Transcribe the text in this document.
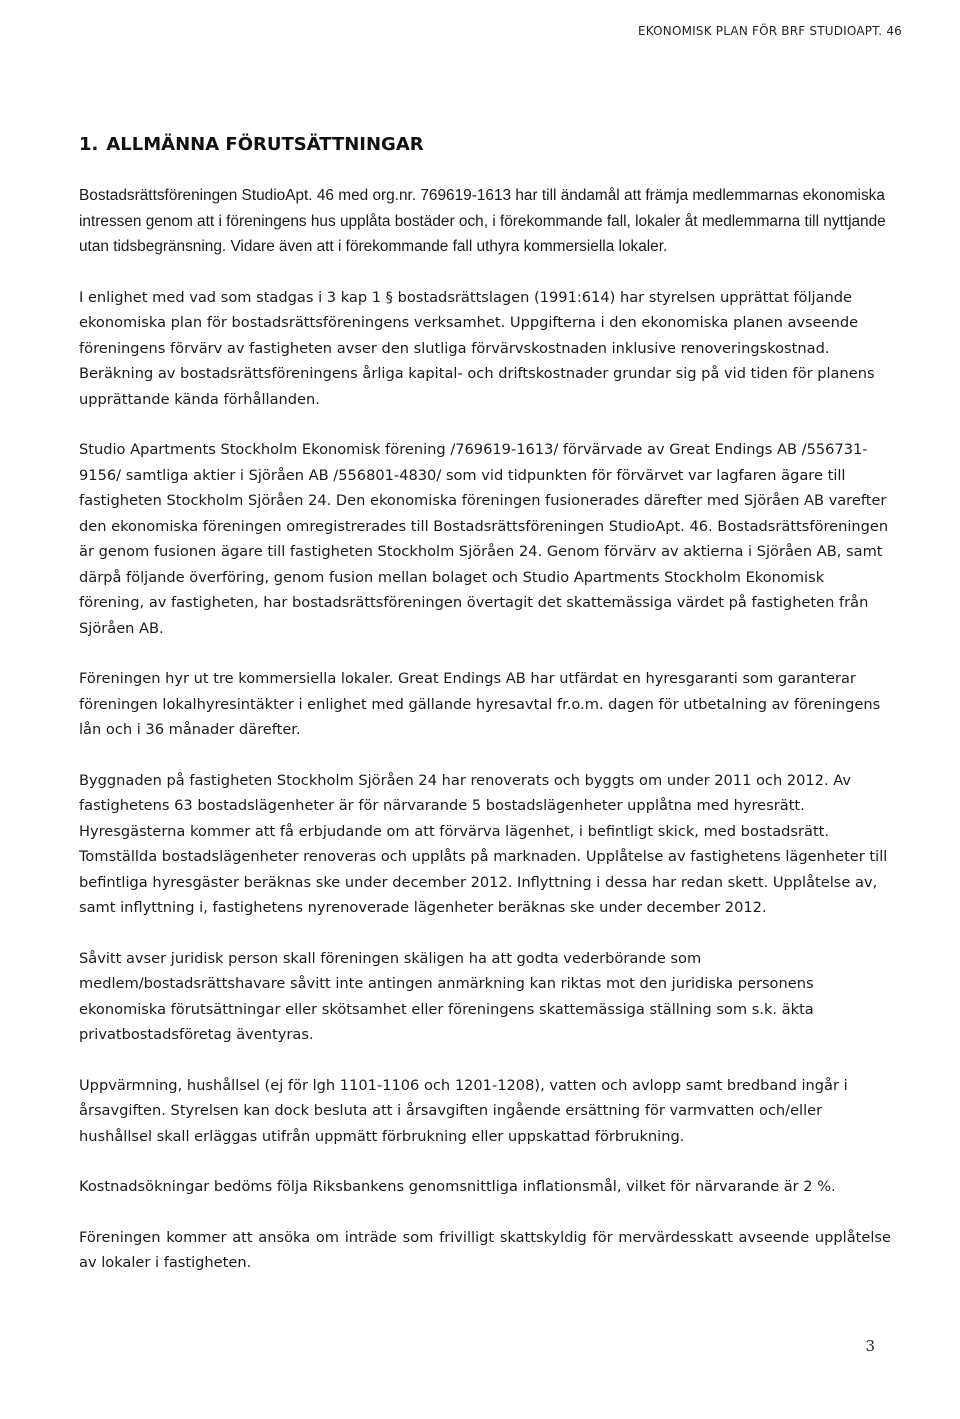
EKONOMISK PLAN FÖR BRF STUDIOAPT. 46
1. ALLMÄNNA FÖRUTSÄTTNINGAR

Bostadsrättsföreningen StudioApt. 46 med org.nr. 769619-1613 har till ändamål att främja medlemmarnas ekonomiska intressen genom att i föreningens hus upplåta bostäder och, i förekommande fall, lokaler åt medlemmarna till nyttjande utan tidsbegränsning. Vidare även att i förekommande fall uthyra kommersiella lokaler.

I enlighet med vad som stadgas i 3 kap 1 § bostadsrättslagen (1991:614) har styrelsen upprättat följande ekonomiska plan för bostadsrättsföreningens verksamhet. Uppgifterna i den ekonomiska planen avseende föreningens förvärv av fastigheten avser den slutliga förvärvskostnaden inklusive renoveringskostnad. Beräkning av bostadsrättsföreningens årliga kapital- och driftskostnader grundar sig på vid tiden för planens upprättande kända förhållanden.

Studio Apartments Stockholm Ekonomisk förening /769619-1613/ förvärvade av Great Endings AB /556731-9156/ samtliga aktier i Sjöråen AB /556801-4830/ som vid tidpunkten för förvärvet var lagfaren ägare till fastigheten Stockholm Sjöråen 24. Den ekonomiska föreningen fusionerades därefter med Sjöråen AB varefter den ekonomiska föreningen omregistrerades till Bostadsrättsföreningen StudioApt. 46. Bostadsrättsföreningen är genom fusionen ägare till fastigheten Stockholm Sjöråen 24. Genom förvärv av aktierna i Sjöråen AB, samt därpå följande överföring, genom fusion mellan bolaget och Studio Apartments Stockholm Ekonomisk förening, av fastigheten, har bostadsrättsföreningen övertagit det skattemässiga värdet på fastigheten från Sjöråen AB.

Föreningen hyr ut tre kommersiella lokaler. Great Endings AB har utfärdat en hyresgaranti som garanterar föreningen lokalhyresintäkter i enlighet med gällande hyresavtal fr.o.m. dagen för utbetalning av föreningens lån och i 36 månader därefter.

Byggnaden på fastigheten Stockholm Sjöråen 24 har renoverats och byggts om under 2011 och 2012. Av fastighetens 63 bostadslägenheter är för närvarande 5 bostadslägenheter upplåtna med hyresrätt. Hyresgästerna kommer att få erbjudande om att förvärva lägenhet, i befintligt skick, med bostadsrätt. Tomställda bostadslägenheter renoveras och upplåts på marknaden. Upplåtelse av fastighetens lägenheter till befintliga hyresgäster beräknas ske under december 2012. Inflyttning i dessa har redan skett. Upplåtelse av, samt inflyttning i, fastighetens nyrenoverade lägenheter beräknas ske under december 2012.

Såvitt avser juridisk person skall föreningen skäligen ha att godta vederbörande som medlem/bostadsrättshavare såvitt inte antingen anmärkning kan riktas mot den juridiska personens ekonomiska förutsättningar eller skötsamhet eller föreningens skattemässiga ställning som s.k. äkta privatbostadsföretag äventyras.

Uppvärmning, hushållsel (ej för lgh 1101-1106 och 1201-1208), vatten och avlopp samt bredband ingår i årsavgiften. Styrelsen kan dock besluta att i årsavgiften ingående ersättning för varmvatten och/eller hushållsel skall erläggas utifrån uppmätt förbrukning eller uppskattad förbrukning.

Kostnadsökningar bedöms följa Riksbankens genomsnittliga inflationsmål, vilket för närvarande är 2 %.

Föreningen kommer att ansöka om inträde som frivilligt skattskyldig för mervärdesskatt avseende upplåtelse av lokaler i fastigheten.

3
